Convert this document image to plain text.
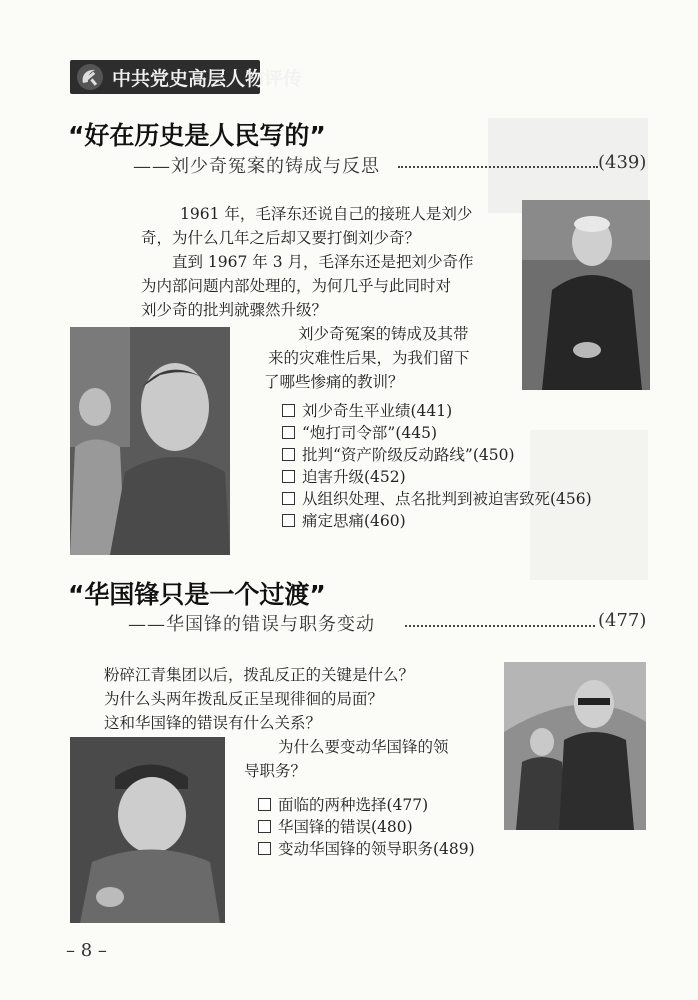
中共党史高层人物评传
“好在历史是人民写的”
——刘少奇冤案的铸成与反思	(439)
1961 年，毛泽东还说自己的接班人是刘少
奇，为什么几年之后却又要打倒刘少奇？
直到 1967 年 3 月，毛泽东还是把刘少奇作
为内部问题内部处理的，为何几乎与此同时对
刘少奇的批判就骤然升级？
刘少奇冤案的铸成及其带
来的灾难性后果，为我们留下
了哪些惨痛的教训？
刘少奇生平业绩(441)
“炮打司令部”(445)
批判“资产阶级反动路线”(450)
迫害升级(452)
从组织处理、点名批判到被迫害致死(456)
痛定思痛(460)
“华国锋只是一个过渡”
——华国锋的错误与职务变动	(477)
粉碎江青集团以后，拨乱反正的关键是什么？
为什么头两年拨乱反正呈现徘徊的局面？
这和华国锋的错误有什么关系？
为什么要变动华国锋的领
导职务？
面临的两种选择(477)
华国锋的错误(480)
变动华国锋的领导职务(489)
– 8 –
